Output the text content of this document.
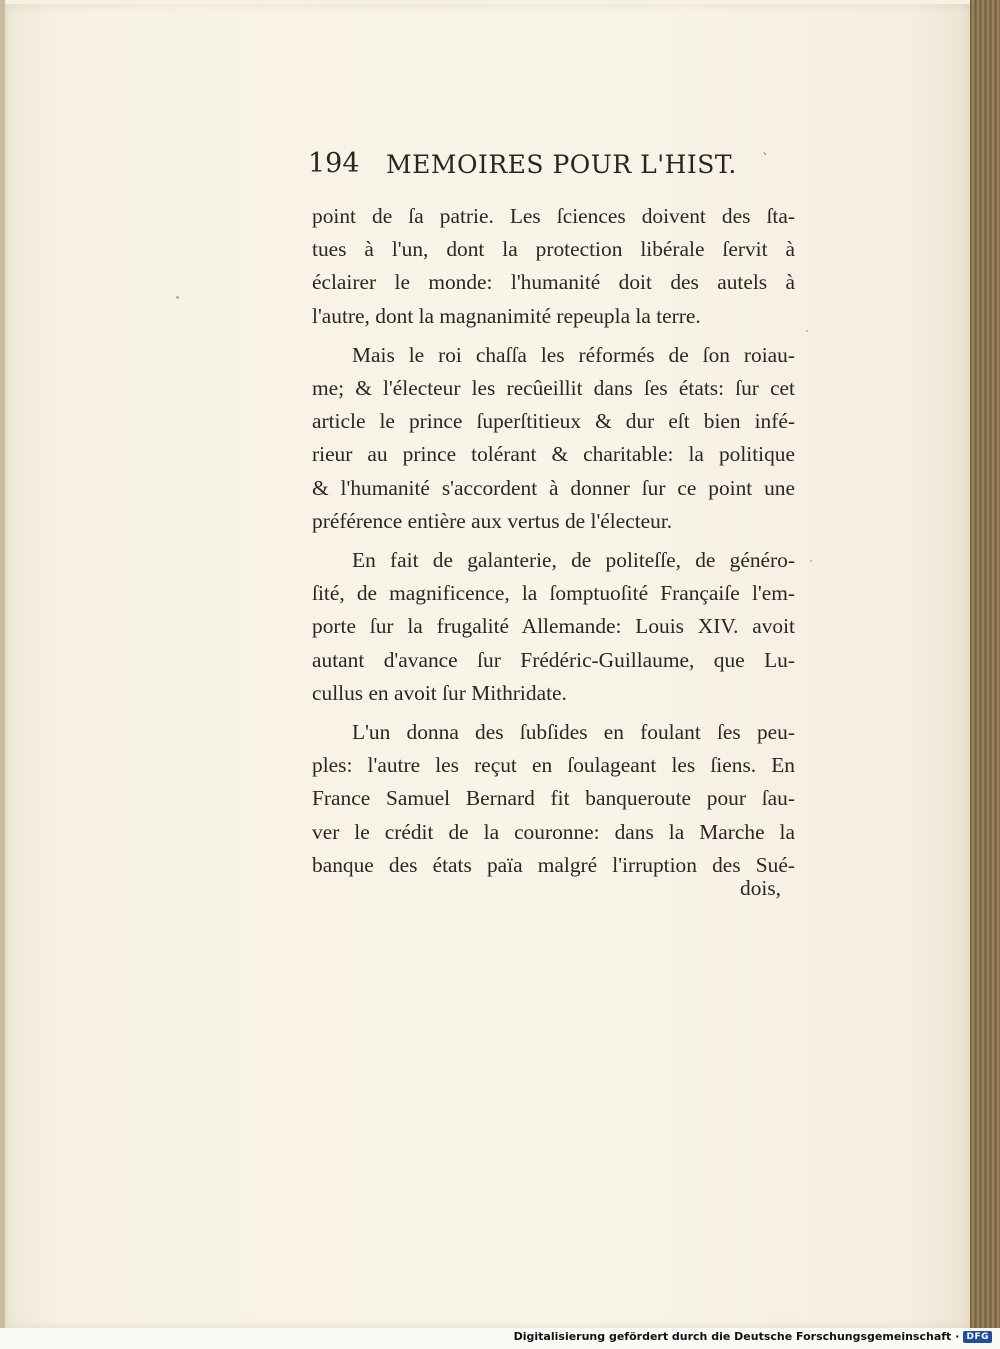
ˋ
194 MEMOIRES POUR L'HIST.

point de ſa patrie. Les ſciences doivent des ſta-
tues à l'un, dont la protection libérale ſervit à
éclairer le monde: l'humanité doit des autels à
l'autre, dont la magnanimité repeupla la terre.

Mais le roi chaſſa les réformés de ſon roiau-
me; & l'électeur les recûeillit dans ſes états: ſur cet
article le prince ſuperſtitieux & dur eſt bien infé-
rieur au prince tolérant & charitable: la politique
& l'humanité s'accordent à donner ſur ce point une
préférence entière aux vertus de l'électeur.

En fait de galanterie, de politeſſe, de généro-
ſité, de magnificence, la ſomptuoſité Françaiſe l'em-
porte ſur la frugalité Allemande: Louis XIV. avoit
autant d'avance ſur Frédéric-Guillaume, que Lu-
cullus en avoit ſur Mithridate.

L'un donna des ſubſides en foulant ſes peu-
ples: l'autre les reçut en ſoulageant les ſiens. En
France Samuel Bernard fit banqueroute pour ſau-
ver le crédit de la couronne: dans la Marche la
banque des états païa malgré l'irruption des Sué-

dois,
Digitalisierung gefördert durch die Deutsche Forschungsgemeinschaft · DFG
